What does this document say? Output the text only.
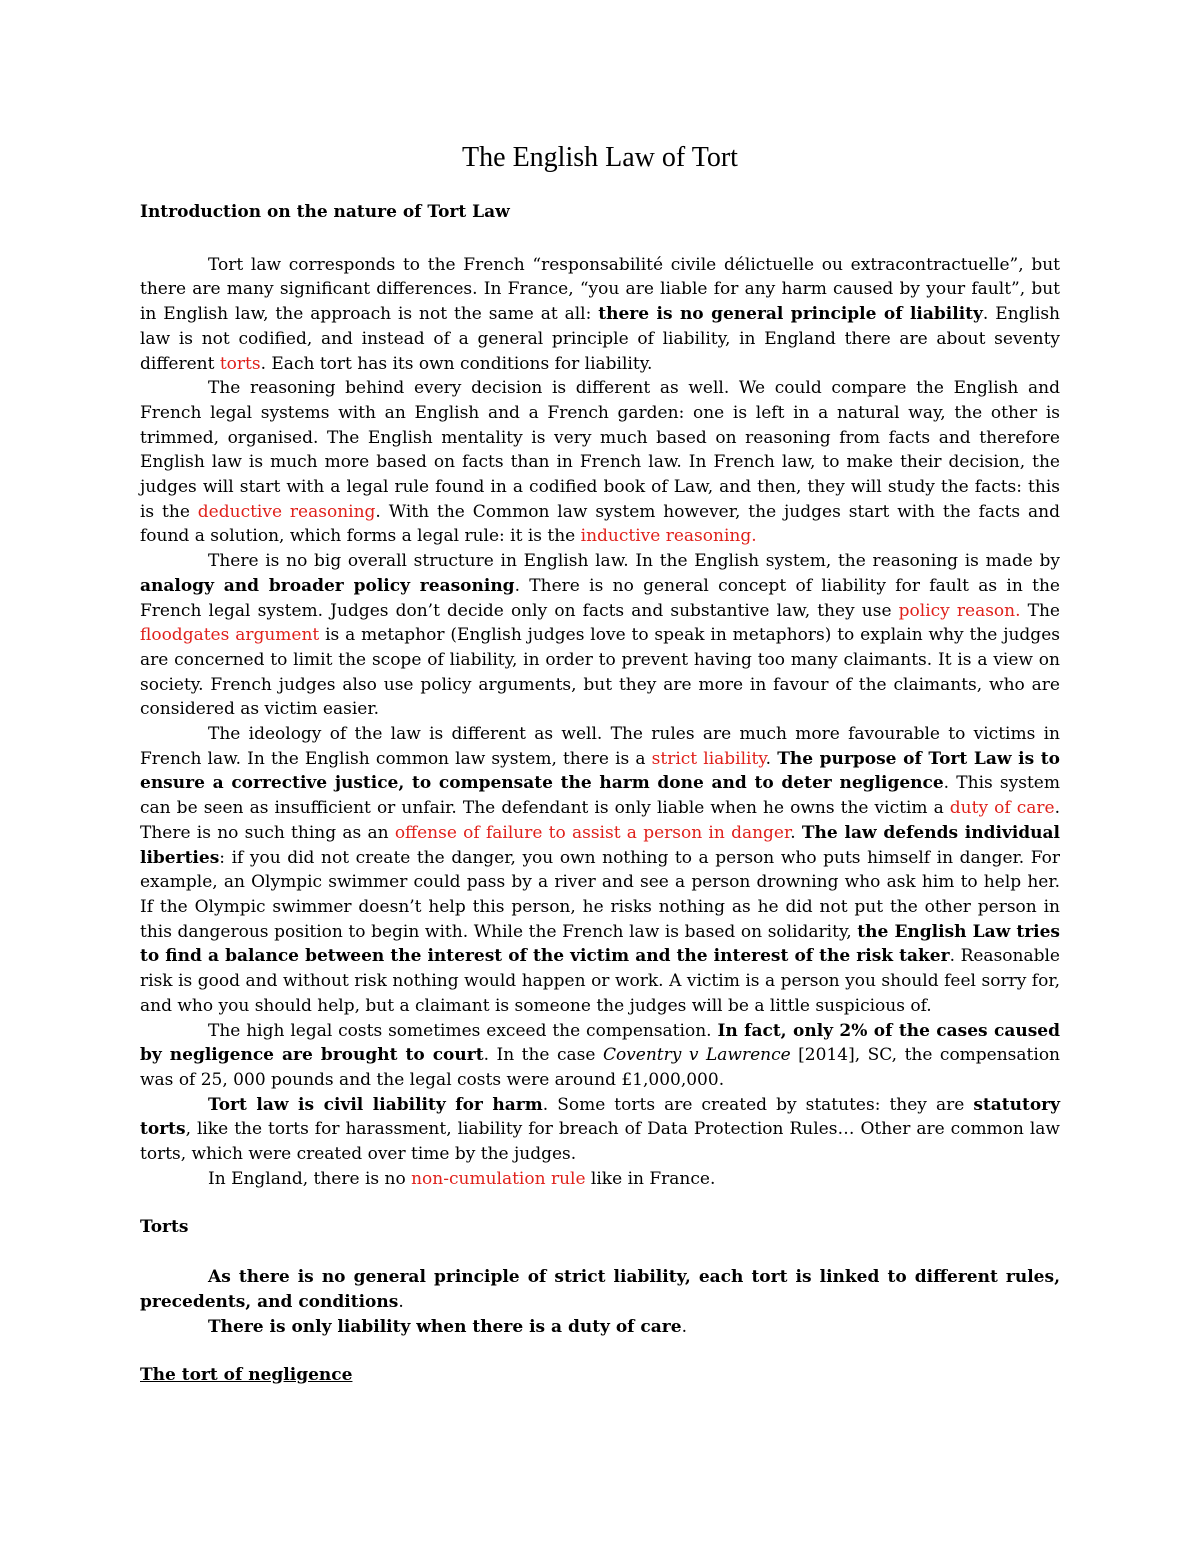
The English Law of Tort

Introduction on the nature of Tort Law

Tort law corresponds to the French “responsabilité civile délictuelle ou extracontractuelle”, but there are many significant differences. In France, “you are liable for any harm caused by your fault”, but in English law, the approach is not the same at all: there is no general principle of liability. English law is not codified, and instead of a general principle of liability, in England there are about seventy different torts. Each tort has its own conditions for liability.

The reasoning behind every decision is different as well. We could compare the English and French legal systems with an English and a French garden: one is left in a natural way, the other is trimmed, organised. The English mentality is very much based on reasoning from facts and therefore English law is much more based on facts than in French law. In French law, to make their decision, the judges will start with a legal rule found in a codified book of Law, and then, they will study the facts: this is the deductive reasoning. With the Common law system however, the judges start with the facts and found a solution, which forms a legal rule: it is the inductive reasoning.

There is no big overall structure in English law. In the English system, the reasoning is made by analogy and broader policy reasoning. There is no general concept of liability for fault as in the French legal system. Judges don’t decide only on facts and substantive law, they use policy reason. The floodgates argument is a metaphor (English judges love to speak in metaphors) to explain why the judges are concerned to limit the scope of liability, in order to prevent having too many claimants. It is a view on society. French judges also use policy arguments, but they are more in favour of the claimants, who are considered as victim easier.

The ideology of the law is different as well. The rules are much more favourable to victims in French law. In the English common law system, there is a strict liability. The purpose of Tort Law is to ensure a corrective justice, to compensate the harm done and to deter negligence. This system can be seen as insufficient or unfair. The defendant is only liable when he owns the victim a duty of care. There is no such thing as an offense of failure to assist a person in danger. The law defends individual liberties: if you did not create the danger, you own nothing to a person who puts himself in danger. For example, an Olympic swimmer could pass by a river and see a person drowning who ask him to help her. If the Olympic swimmer doesn’t help this person, he risks nothing as he did not put the other person in this dangerous position to begin with. While the French law is based on solidarity, the English Law tries to find a balance between the interest of the victim and the interest of the risk taker. Reasonable risk is good and without risk nothing would happen or work. A victim is a person you should feel sorry for, and who you should help, but a claimant is someone the judges will be a little suspicious of.

The high legal costs sometimes exceed the compensation. In fact, only 2% of the cases caused by negligence are brought to court. In the case Coventry v Lawrence [2014], SC, the compensation was of 25, 000 pounds and the legal costs were around £1,000,000.

Tort law is civil liability for harm. Some torts are created by statutes: they are statutory torts, like the torts for harassment, liability for breach of Data Protection Rules… Other are common law torts, which were created over time by the judges.

In England, there is no non-cumulation rule like in France.

Torts

As there is no general principle of strict liability, each tort is linked to different rules, precedents, and conditions.

There is only liability when there is a duty of care.

The tort of negligence
